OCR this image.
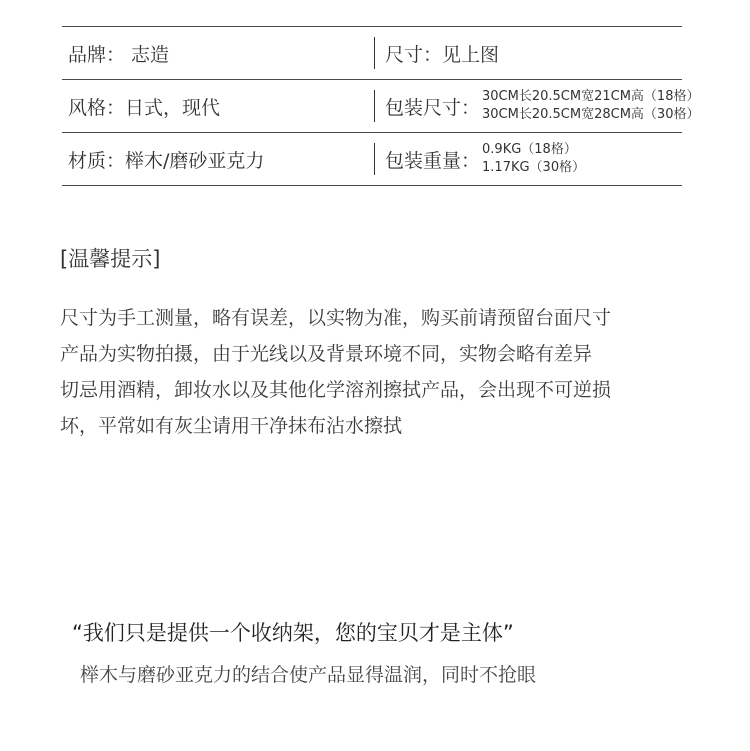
品牌： 志造	尺寸：见上图
风格：日式，现代	包装尺寸： 30CM长20.5CM宽21CM高（18格）
30CM长20.5CM宽28CM高（30格）
材质：榉木/磨砂亚克力	包装重量： 0.9KG（18格）
1.17KG（30格）
[温馨提示]
尺寸为手工测量，略有误差，以实物为准，购买前请预留台面尺寸
产品为实物拍摄，由于光线以及背景环境不同，实物会略有差异
切忌用酒精，卸妆水以及其他化学溶剂擦拭产品，会出现不可逆损
坏，平常如有灰尘请用干净抹布沾水擦拭
“我们只是提供一个收纳架，您的宝贝才是主体”
榉木与磨砂亚克力的结合使产品显得温润，同时不抢眼
